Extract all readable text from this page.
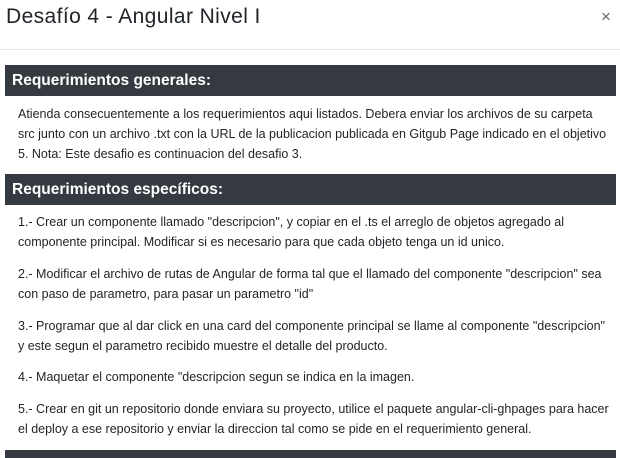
Desafío 4 - Angular Nivel I	×
Requerimientos generales:
Atienda consecuentemente a los requerimientos aqui listados. Debera enviar los archivos de su carpeta src junto con un archivo .txt con la URL de la publicacion publicada en Gitgub Page indicado en el objetivo 5. Nota: Este desafio es continuacion del desafio 3.
Requerimientos específicos:
1.- Crear un componente llamado "descripcion", y copiar en el .ts el arreglo de objetos agregado al componente principal. Modificar si es necesario para que cada objeto tenga un id unico.
2.- Modificar el archivo de rutas de Angular de forma tal que el llamado del componente "descripcion" sea con paso de parametro, para pasar un parametro "id"
3.- Programar que al dar click en una card del componente principal se llame al componente "descripcion" y este segun el parametro recibido muestre el detalle del producto.
4.- Maquetar el componente "descripcion segun se indica en la imagen.
5.- Crear en git un repositorio donde enviara su proyecto, utilice el paquete angular-cli-ghpages para hacer el deploy a ese repositorio y enviar la direccion tal como se pide en el requerimiento general.
